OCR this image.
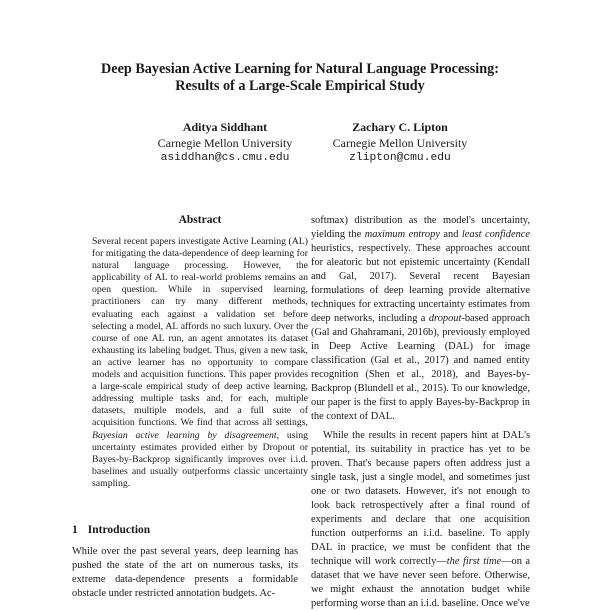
Deep Bayesian Active Learning for Natural Language Processing:
Results of a Large-Scale Empirical Study
Aditya Siddhant
Carnegie Mellon University
asiddhan@cs.cmu.edu
Zachary C. Lipton
Carnegie Mellon University
zlipton@cmu.edu
Abstract
Several recent papers investigate Active Learning (AL) for mitigating the data-dependence of deep learning for natural language processing. However, the applicability of AL to real-world problems remains an open question. While in supervised learning, practitioners can try many different methods, evaluating each against a validation set before selecting a model, AL affords no such luxury. Over the course of one AL run, an agent annotates its dataset exhausting its labeling budget. Thus, given a new task, an active learner has no opportunity to compare models and acquisition functions. This paper provides a large-scale empirical study of deep active learning, addressing multiple tasks and, for each, multiple datasets, multiple models, and a full suite of acquisition functions. We find that across all settings, Bayesian active learning by disagreement, using uncertainty estimates provided either by Dropout or Bayes-by-Backprop significantly improves over i.i.d. baselines and usually outperforms classic uncertainty sampling.
1 Introduction
While over the past several years, deep learning has pushed the state of the art on numerous tasks, its extreme data-dependence presents a formidable obstacle under restricted annotation budgets. Ac-

softmax) distribution as the model's uncertainty, yielding the maximum entropy and least confidence heuristics, respectively. These approaches account for aleatoric but not epistemic uncertainty (Kendall and Gal, 2017). Several recent Bayesian formulations of deep learning provide alternative techniques for extracting uncertainty estimates from deep networks, including a dropout-based approach (Gal and Ghahramani, 2016b), previously employed in Deep Active Learning (DAL) for image classification (Gal et al., 2017) and named entity recognition (Shen et al., 2018), and Bayes-by-Backprop (Blundell et al., 2015). To our knowledge, our paper is the first to apply Bayes-by-Backprop in the context of DAL.

While the results in recent papers hint at DAL's potential, its suitability in practice has yet to be proven. That's because papers often address just a single task, just a single model, and sometimes just one or two datasets. However, it's not enough to look back retrospectively after a final round of experiments and declare that one acquisition function outperforms an i.i.d. baseline. To apply DAL in practice, we must be confident that the technique will work correctly—the first time—on a dataset that we have never seen before. Otherwise, we might exhaust the annotation budget while performing worse than an i.i.d. baseline. Once we've
